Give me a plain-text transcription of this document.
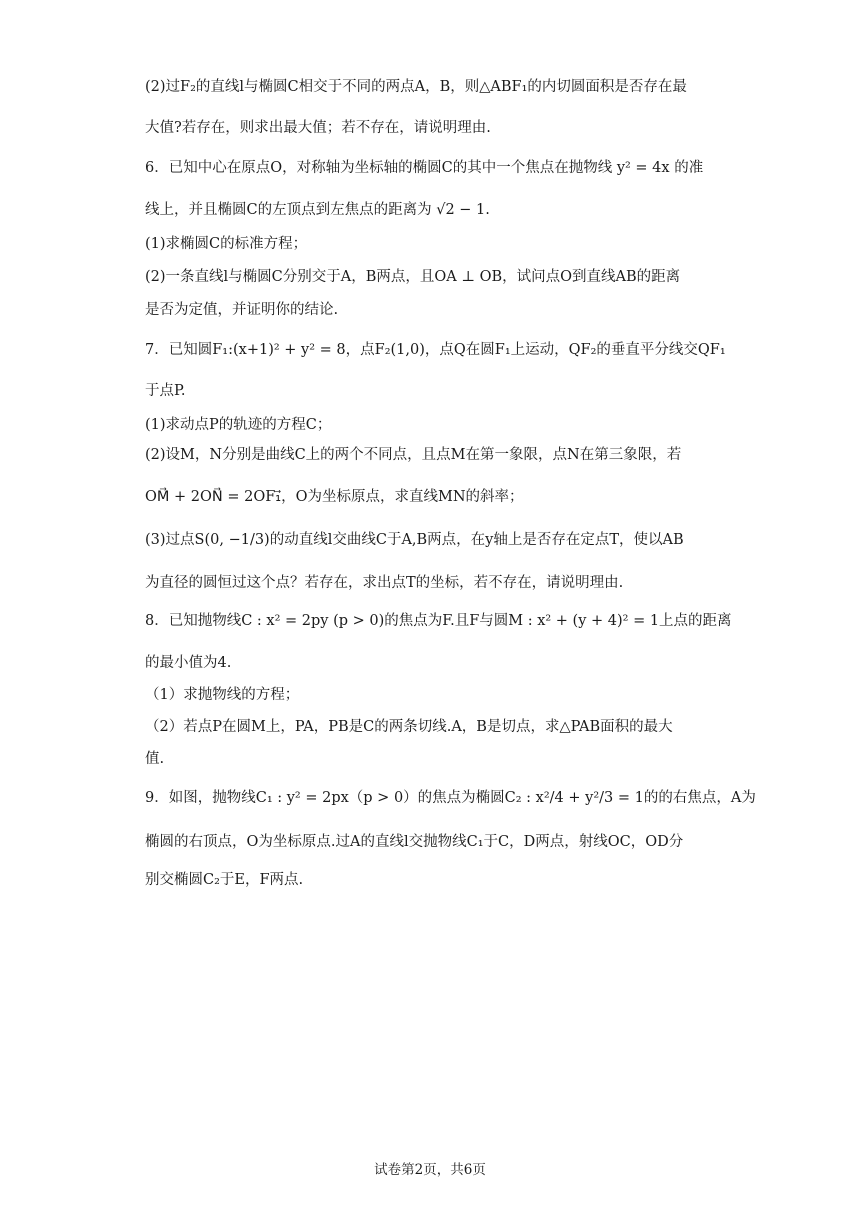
(2)过F₂的直线l与椭圆C相交于不同的两点A，B，则△ABF₁的内切圆面积是否存在最
大值?若存在，则求出最大值；若不存在，请说明理由.
6．已知中心在原点O，对称轴为坐标轴的椭圆C的其中一个焦点在抛物线 y² = 4x 的准
线上，并且椭圆C的左顶点到左焦点的距离为 √2 − 1.
(1)求椭圆C的标准方程；
(2)一条直线l与椭圆C分别交于A，B两点，且OA ⊥ OB，试问点O到直线AB的距离
是否为定值，并证明你的结论.
7．已知圆F₁:(x+1)² + y² = 8，点F₂(1,0)，点Q在圆F₁上运动，QF₂的垂直平分线交QF₁
于点P.
(1)求动点P的轨迹的方程C；
(2)设M，N分别是曲线C上的两个不同点，且点M在第一象限，点N在第三象限，若
OM⃗ + 2ON⃗ = 2OF₁⃗，O为坐标原点，求直线MN的斜率；
(3)过点S(0, −1/3)的动直线l交曲线C于A,B两点，在y轴上是否存在定点T，使以AB
为直径的圆恒过这个点？若存在，求出点T的坐标，若不存在，请说明理由.
8．已知抛物线C : x² = 2py (p > 0)的焦点为F.且F与圆M : x² + (y + 4)² = 1上点的距离
的最小值为4.
（1）求抛物线的方程；
（2）若点P在圆M上，PA，PB是C的两条切线.A，B是切点，求△PAB面积的最大
值.
9．如图，抛物线C₁ : y² = 2px（p > 0）的焦点为椭圆C₂ : x²/4 + y²/3 = 1的的右焦点，A为
椭圆的右顶点，O为坐标原点.过A的直线l交抛物线C₁于C，D两点，射线OC，OD分
别交椭圆C₂于E，F两点.
试卷第2页，共6页
